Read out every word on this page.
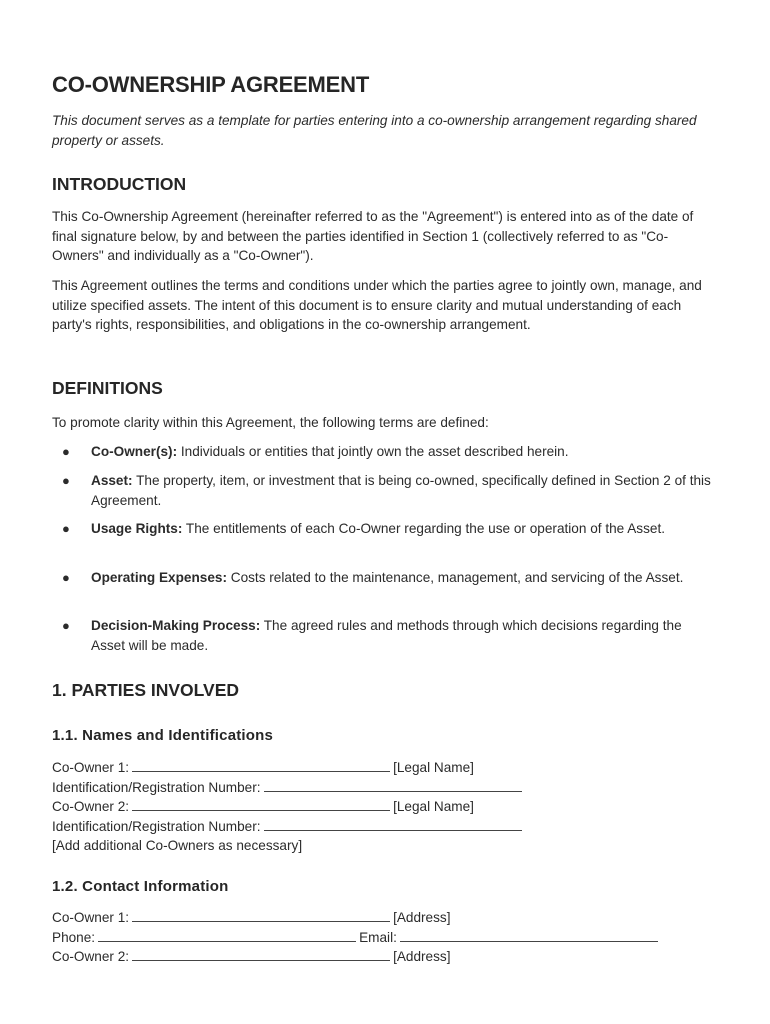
CO-OWNERSHIP AGREEMENT
This document serves as a template for parties entering into a co-ownership arrangement regarding shared property or assets.
INTRODUCTION
This Co-Ownership Agreement (hereinafter referred to as the "Agreement") is entered into as of the date of final signature below, by and between the parties identified in Section 1 (collectively referred to as "Co-Owners" and individually as a "Co-Owner").
This Agreement outlines the terms and conditions under which the parties agree to jointly own, manage, and utilize specified assets. The intent of this document is to ensure clarity and mutual understanding of each party's rights, responsibilities, and obligations in the co-ownership arrangement.
DEFINITIONS
To promote clarity within this Agreement, the following terms are defined:
● Co-Owner(s): Individuals or entities that jointly own the asset described herein.
● Asset: The property, item, or investment that is being co-owned, specifically defined in Section 2 of this Agreement.
● Usage Rights: The entitlements of each Co-Owner regarding the use or operation of the Asset.
● Operating Expenses: Costs related to the maintenance, management, and servicing of the Asset.
● Decision-Making Process: The agreed rules and methods through which decisions regarding the Asset will be made.
1. PARTIES INVOLVED
1.1. Names and Identifications
Co-Owner 1:	[Legal Name]
Identification/Registration Number:
Co-Owner 2:	[Legal Name]
Identification/Registration Number:
[Add additional Co-Owners as necessary]
1.2. Contact Information
Co-Owner 1:	[Address]
Phone:	Email:
Co-Owner 2:	[Address]
